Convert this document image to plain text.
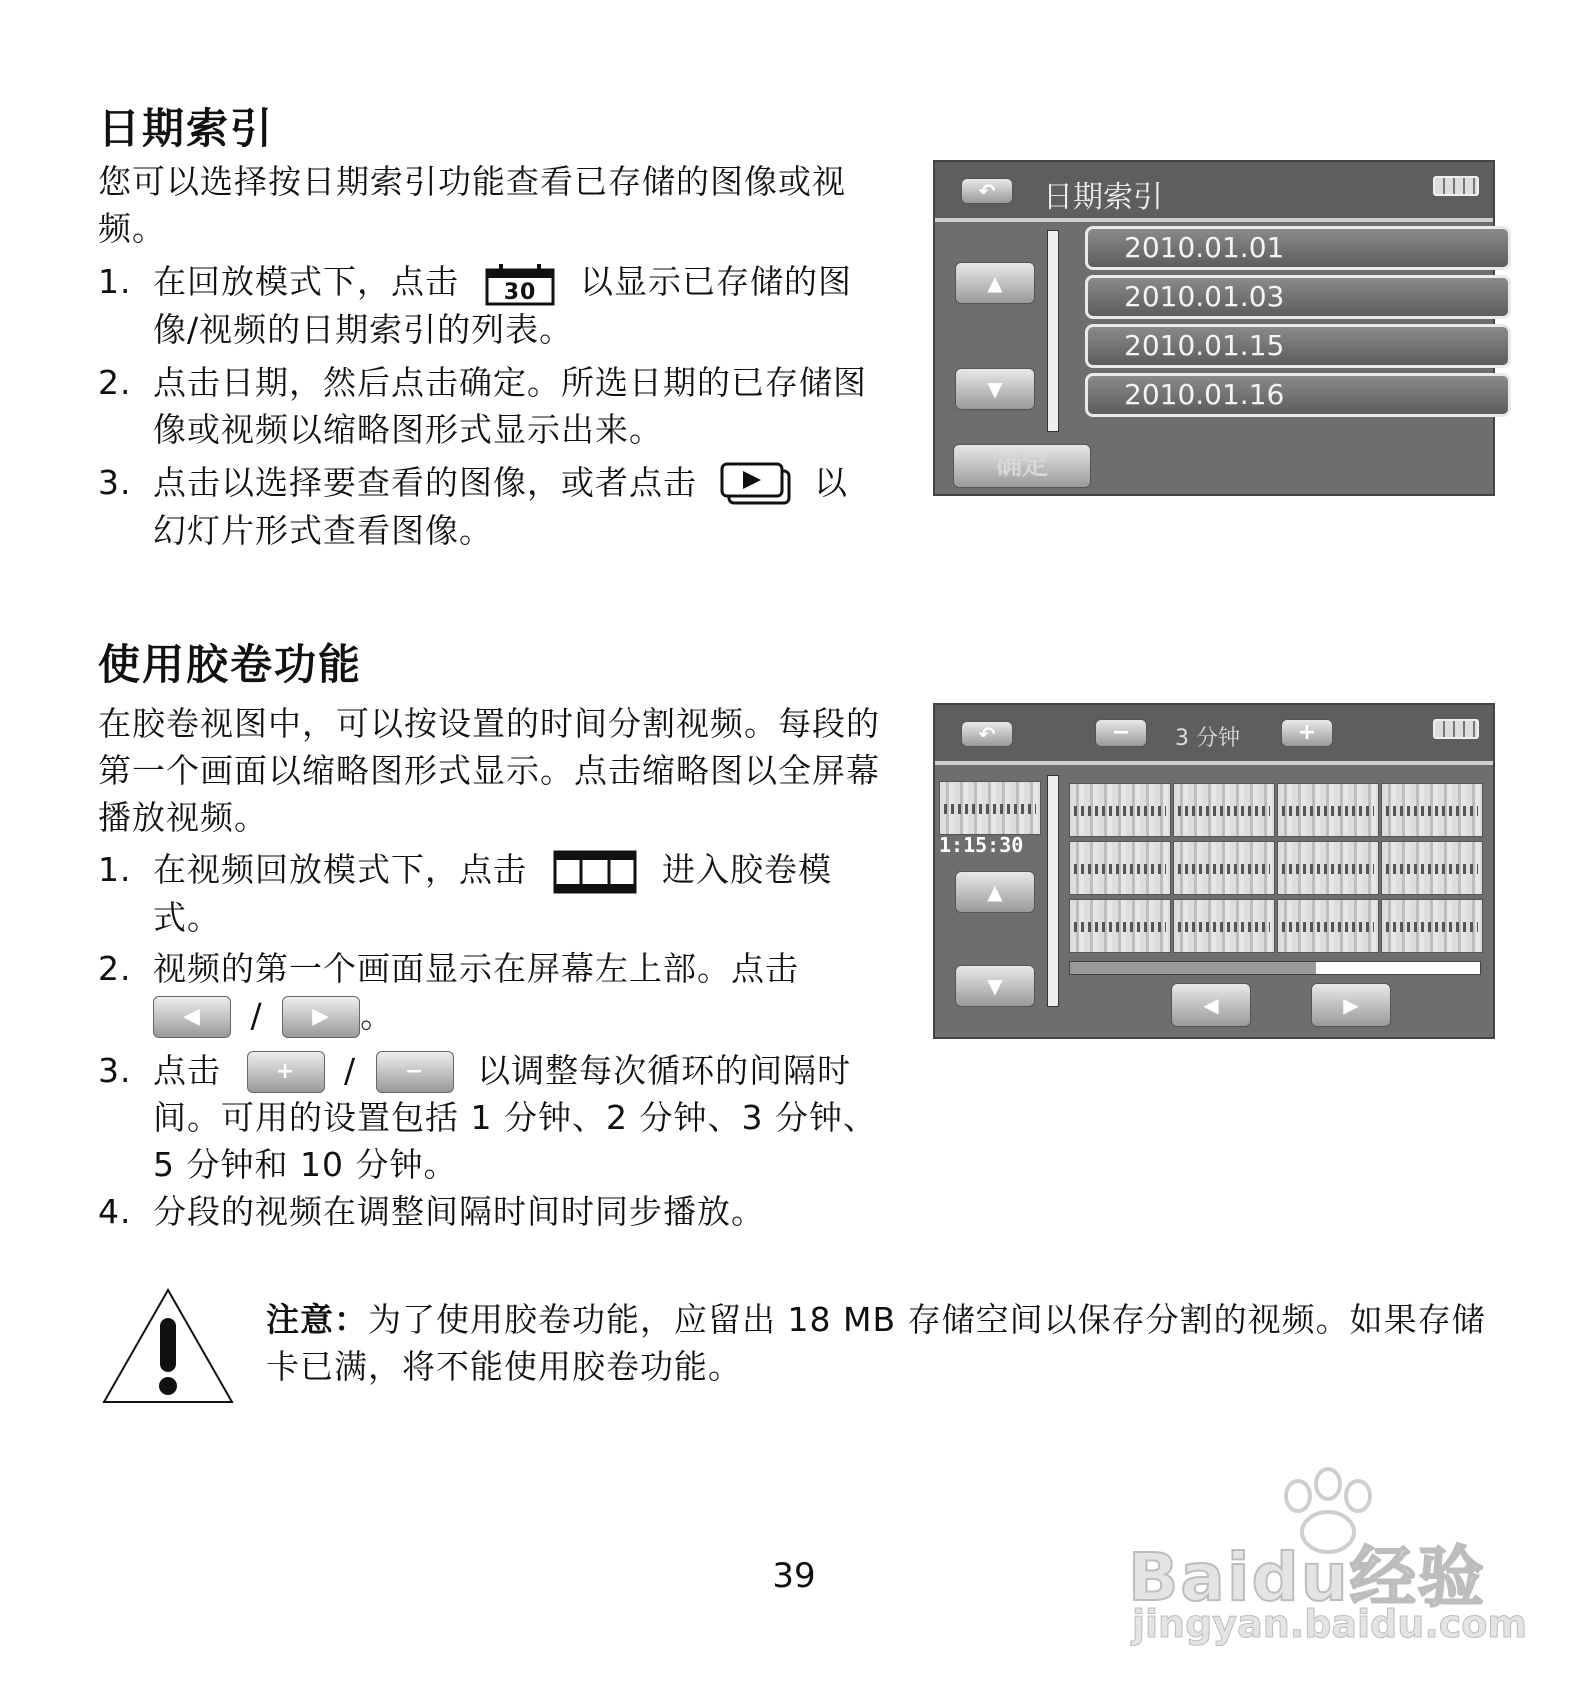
日期索引
您可以选择按日期索引功能查看已存储的图像或视频。
1. 在回放模式下，点击 30 以显示已存储的图像/视频的日期索引的列表。
2. 点击日期，然后点击确定。所选日期的已存储图像或视频以缩略图形式显示出来。
3. 点击以选择要查看的图像，或者点击	以幻灯片形式查看图像。
↶	日期索引
▲
▼
2010.01.01
2010.01.03
2010.01.15
2010.01.16
确定
使用胶卷功能
在胶卷视图中，可以按设置的时间分割视频。每段的第一个画面以缩略图形式显示。点击缩略图以全屏幕播放视频。
1. 在视频回放模式下，点击	进入胶卷模式。
2. 视频的第一个画面显示在屏幕左上部。点击
◀ / ▶ 。
3. 点击 + / − 以调整每次循环的间隔时间。可用的设置包括 1 分钟、2 分钟、3 分钟、5 分钟和 10 分钟。
4. 分段的视频在调整间隔时间时同步播放。
↶	−	3 分钟	+
1:15:30
▲
▼
◀	▶
注意：为了使用胶卷功能，应留出 18 MB 存储空间以保存分割的视频。如果存储卡已满，将不能使用胶卷功能。
39	Baidu经验
jingyan.baidu.com
